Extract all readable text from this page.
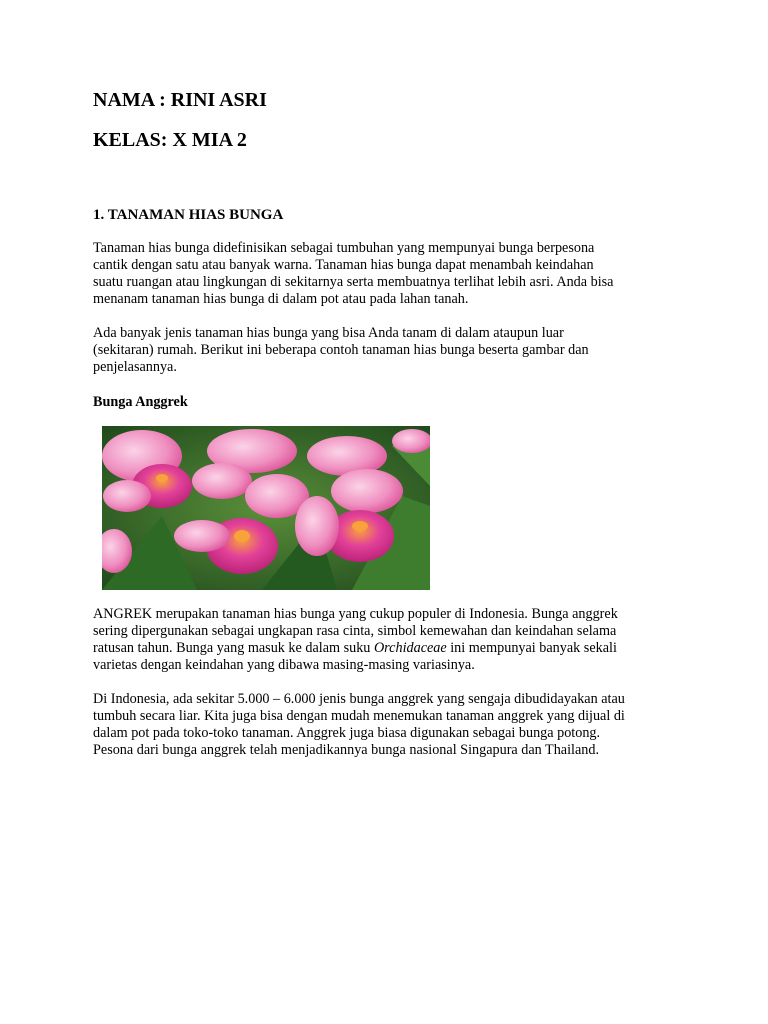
NAMA : RINI ASRI
KELAS: X MIA 2
1. TANAMAN HIAS BUNGA
Tanaman hias bunga didefinisikan sebagai tumbuhan yang mempunyai bunga berpesona
cantik dengan satu atau banyak warna. Tanaman hias bunga dapat menambah keindahan
suatu ruangan atau lingkungan di sekitarnya serta membuatnya terlihat lebih asri. Anda bisa
menanam tanaman hias bunga di dalam pot atau pada lahan tanah.
Ada banyak jenis tanaman hias bunga yang bisa Anda tanam di dalam ataupun luar
(sekitaran) rumah. Berikut ini beberapa contoh tanaman hias bunga beserta gambar dan
penjelasannya.
Bunga Anggrek
ANGREK merupakan tanaman hias bunga yang cukup populer di Indonesia. Bunga anggrek
sering dipergunakan sebagai ungkapan rasa cinta, simbol kemewahan dan keindahan selama
ratusan tahun. Bunga yang masuk ke dalam suku Orchidaceae ini mempunyai banyak sekali
varietas dengan keindahan yang dibawa masing-masing variasinya.
Di Indonesia, ada sekitar 5.000 – 6.000 jenis bunga anggrek yang sengaja dibudidayakan atau
tumbuh secara liar. Kita juga bisa dengan mudah menemukan tanaman anggrek yang dijual di
dalam pot pada toko-toko tanaman. Anggrek juga biasa digunakan sebagai bunga potong.
Pesona dari bunga anggrek telah menjadikannya bunga nasional Singapura dan Thailand.
